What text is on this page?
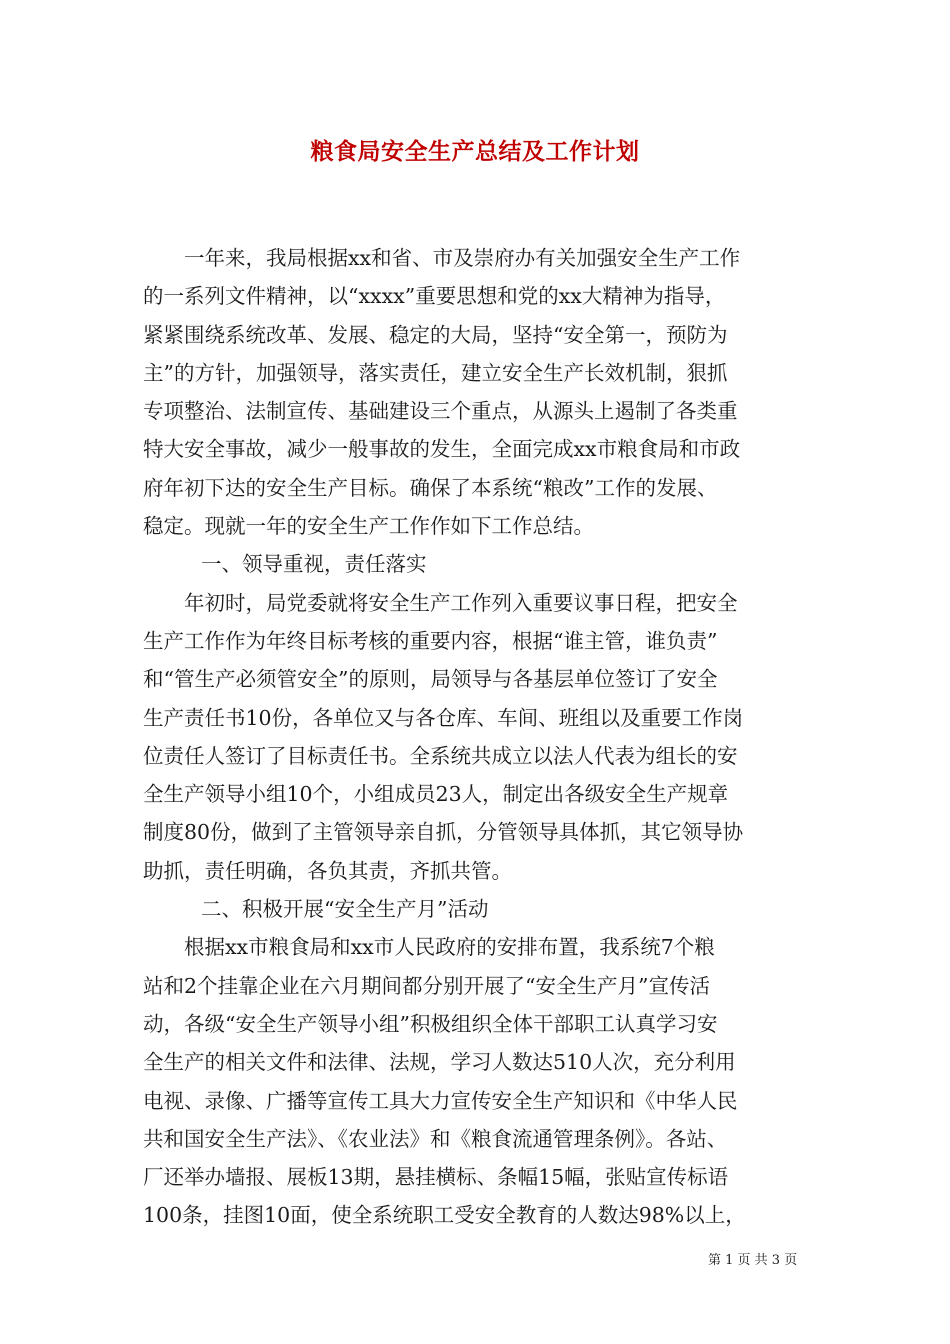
粮食局安全生产总结及工作计划
　　一年来，我局根据xx和省、市及崇府办有关加强安全生产工作
的一系列文件精神，以“xxxx”重要思想和党的xx大精神为指导，
紧紧围绕系统改革、发展、稳定的大局，坚持“安全第一，预防为
主”的方针，加强领导，落实责任，建立安全生产长效机制，狠抓
专项整治、法制宣传、基础建设三个重点，从源头上遏制了各类重
特大安全事故，减少一般事故的发生，全面完成xx市粮食局和市政
府年初下达的安全生产目标。确保了本系统“粮改”工作的发展、
稳定。现就一年的安全生产工作作如下工作总结。
一、领导重视，责任落实
　　年初时，局党委就将安全生产工作列入重要议事日程，把安全
生产工作作为年终目标考核的重要内容，根据“谁主管，谁负责”
和“管生产必须管安全”的原则，局领导与各基层单位签订了安全
生产责任书10份，各单位又与各仓库、车间、班组以及重要工作岗
位责任人签订了目标责任书。全系统共成立以法人代表为组长的安
全生产领导小组10个，小组成员23人，制定出各级安全生产规章
制度80份，做到了主管领导亲自抓，分管领导具体抓，其它领导协
助抓，责任明确，各负其责，齐抓共管。
二、积极开展“安全生产月”活动
　　根据xx市粮食局和xx市人民政府的安排布置，我系统7个粮
站和2个挂靠企业在六月期间都分别开展了“安全生产月”宣传活
动，各级“安全生产领导小组”积极组织全体干部职工认真学习安
全生产的相关文件和法律、法规，学习人数达510人次，充分利用
电视、录像、广播等宣传工具大力宣传安全生产知识和《中华人民
共和国安全生产法》、《农业法》和《粮食流通管理条例》。各站、
厂还举办墙报、展板13期，悬挂横标、条幅15幅，张贴宣传标语
100条，挂图10面，使全系统职工受安全教育的人数达98%以上，
第 1 页 共 3 页
